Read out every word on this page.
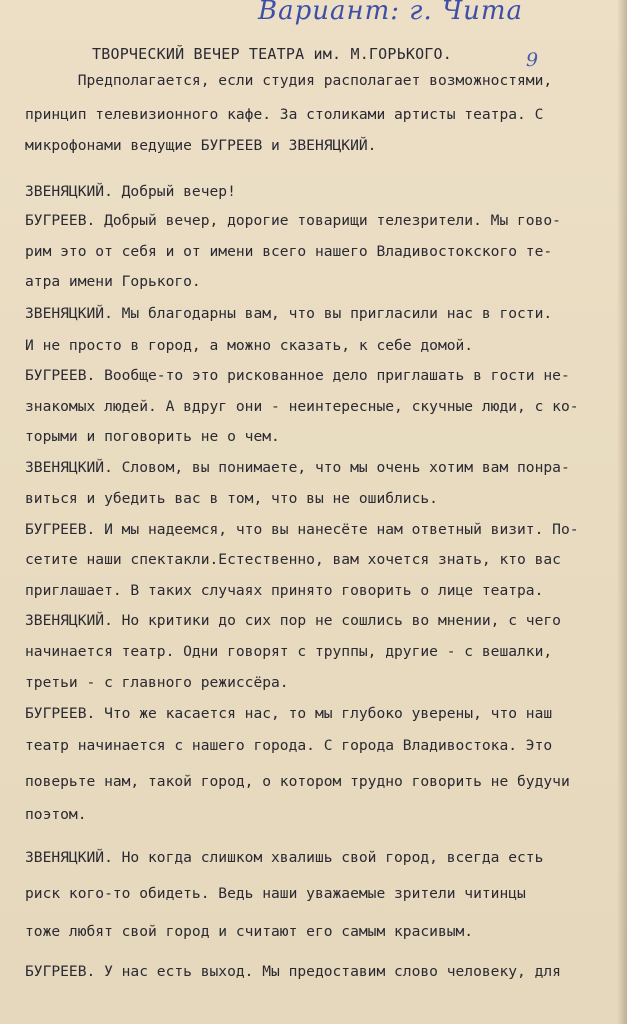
Вариант: г. Чита
9
ТВОРЧЕСКИЙ ВЕЧЕР ТЕАТРА им. М.ГОРЬКОГО.
Предполагается, если студия располагает возможностями,
принцип телевизионного кафе. За столиками артисты театра. С
микрофонами ведущие БУГРЕЕВ и ЗВЕНЯЦКИЙ.
ЗВЕНЯЦКИЙ. Добрый вечер!
БУГРЕЕВ. Добрый вечер, дорогие товарищи телезрители. Мы гово-
рим это от себя и от имени всего нашего Владивостокского те-
атра имени Горького.
ЗВЕНЯЦКИЙ. Мы благодарны вам, что вы пригласили нас в гости.
И не просто в город, а можно сказать, к себе домой.
БУГРЕЕВ. Вообще-то это рискованное дело приглашать в гости не-
знакомых людей. А вдруг они - неинтересные, скучные люди, с ко-
торыми и поговорить не о чем.
ЗВЕНЯЦКИЙ. Словом, вы понимаете, что мы очень хотим вам понра-
виться и убедить вас в том, что вы не ошиблись.
БУГРЕЕВ. И мы надеемся, что вы нанесёте нам ответный визит. По-
сетите наши спектакли.Естественно, вам хочется знать, кто вас
приглашает. В таких случаях принято говорить о лице театра.
ЗВЕНЯЦКИЙ. Но критики до сих пор не сошлись во мнении, с чего
начинается театр. Одни говорят с труппы, другие - с вешалки,
третьи - с главного режиссёра.
БУГРЕЕВ. Что же касается нас, то мы глубоко уверены, что наш
театр начинается с нашего города. С города Владивостока. Это
поверьте нам, такой город, о котором трудно говорить не будучи
поэтом.
ЗВЕНЯЦКИЙ. Но когда слишком хвалишь свой город, всегда есть
риск кого-то обидеть. Ведь наши уважаемые зрители читинцы
тоже любят свой город и считают его самым красивым.
БУГРЕЕВ. У нас есть выход. Мы предоставим слово человеку, для
